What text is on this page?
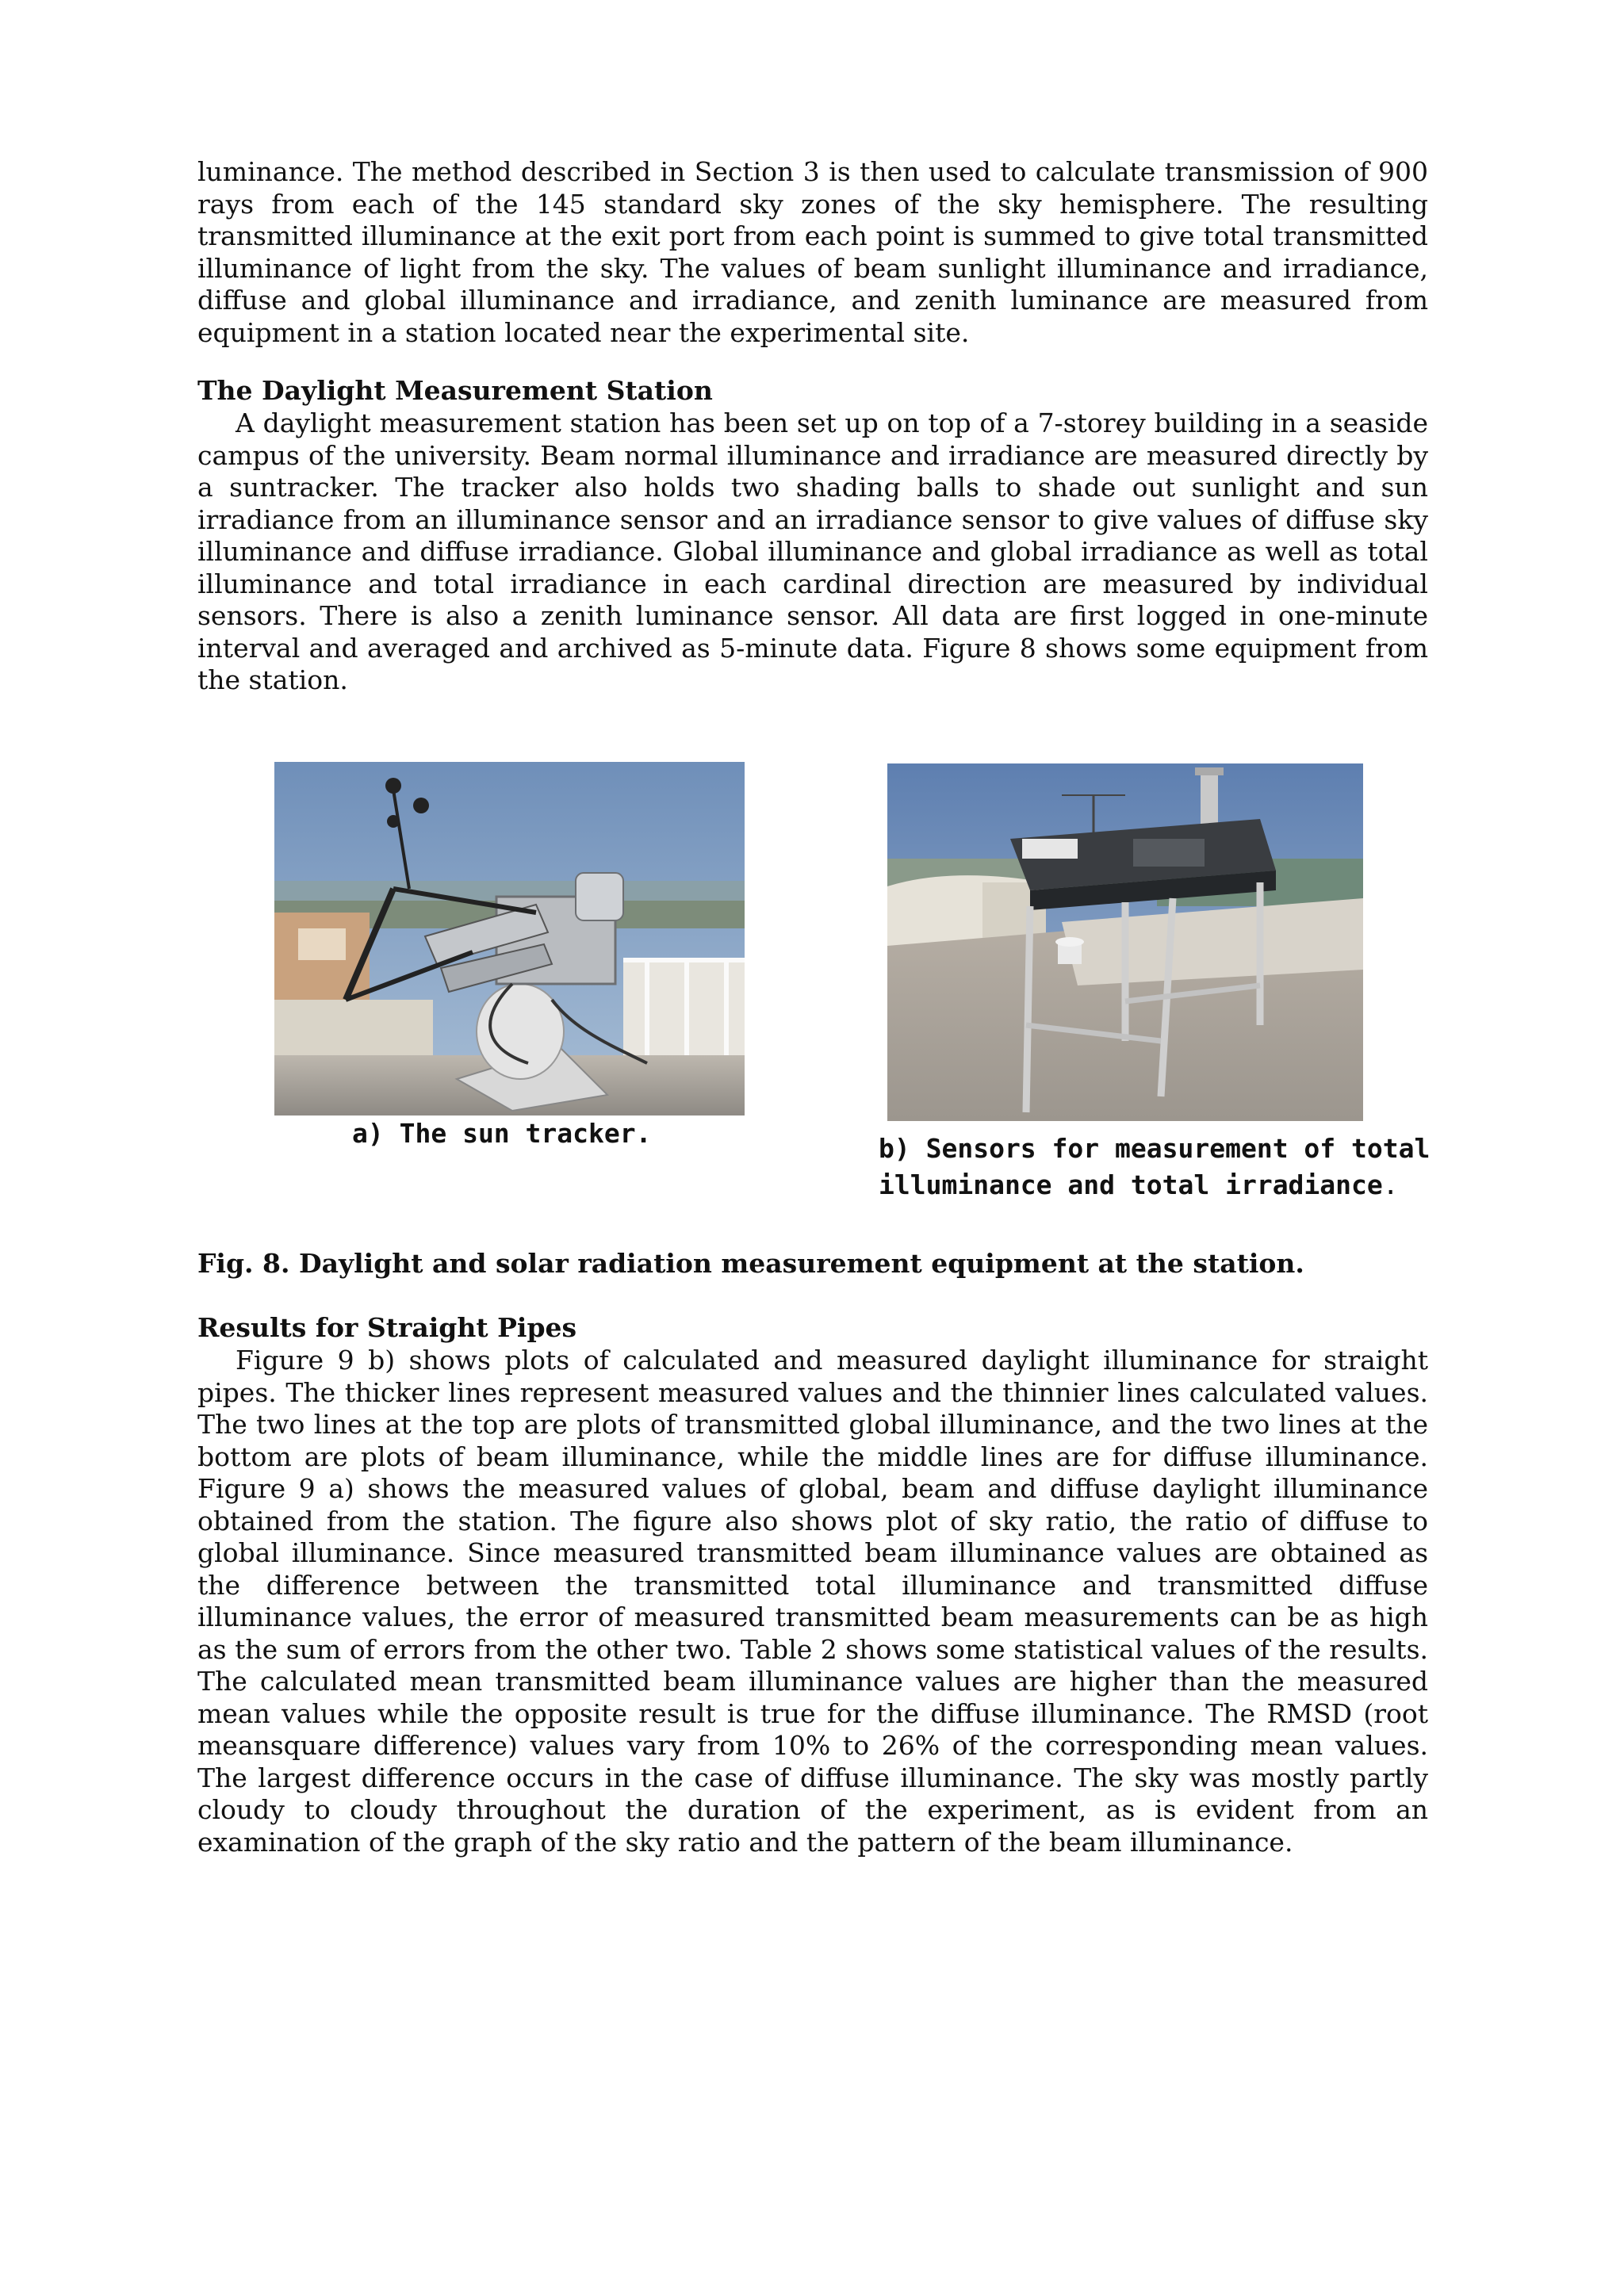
luminance. The method described in Section 3 is then used to calculate transmission of 900 rays from each of the 145 standard sky zones of the sky hemisphere. The resulting transmitted illuminance at the exit port from each point is summed to give total transmitted illuminance of light from the sky. The values of beam sunlight illuminance and irradiance, diffuse and global illuminance and irradiance, and zenith luminance are measured from equipment in a station located near the experimental site.

The Daylight Measurement Station

A daylight measurement station has been set up on top of a 7-storey building in a seaside campus of the university. Beam normal illuminance and irradiance are measured directly by a suntracker. The tracker also holds two shading balls to shade out sunlight and sun irradiance from an illuminance sensor and an irradiance sensor to give values of diffuse sky illuminance and diffuse irradiance. Global illuminance and global irradiance as well as total illuminance and total irradiance in each cardinal direction are measured by individual sensors. There is also a zenith luminance sensor. All data are first logged in one-minute interval and averaged and archived as 5-minute data. Figure 8 shows some equipment from the station.

a) The sun tracker.	b) Sensors for measurement of total
illuminance and total irradiance.

Fig. 8. Daylight and solar radiation measurement equipment at the station.

Results for Straight Pipes

Figure 9 b) shows plots of calculated and measured daylight illuminance for straight pipes. The thicker lines represent measured values and the thinnier lines calculated values. The two lines at the top are plots of transmitted global illuminance, and the two lines at the bottom are plots of beam illuminance, while the middle lines are for diffuse illuminance. Figure 9 a) shows the measured values of global, beam and diffuse daylight illuminance obtained from the station. The figure also shows plot of sky ratio, the ratio of diffuse to global illuminance. Since measured transmitted beam illuminance values are obtained as the difference between the transmitted total illuminance and transmitted diffuse illuminance values, the error of measured transmitted beam measurements can be as high as the sum of errors from the other two. Table 2 shows some statistical values of the results. The calculated mean transmitted beam illuminance values are higher than the measured mean values while the opposite result is true for the diffuse illuminance. The RMSD (root meansquare difference) values vary from 10% to 26% of the corresponding mean values. The largest difference occurs in the case of diffuse illuminance. The sky was mostly partly cloudy to cloudy throughout the duration of the experiment, as is evident from an examination of the graph of the sky ratio and the pattern of the beam illuminance.
